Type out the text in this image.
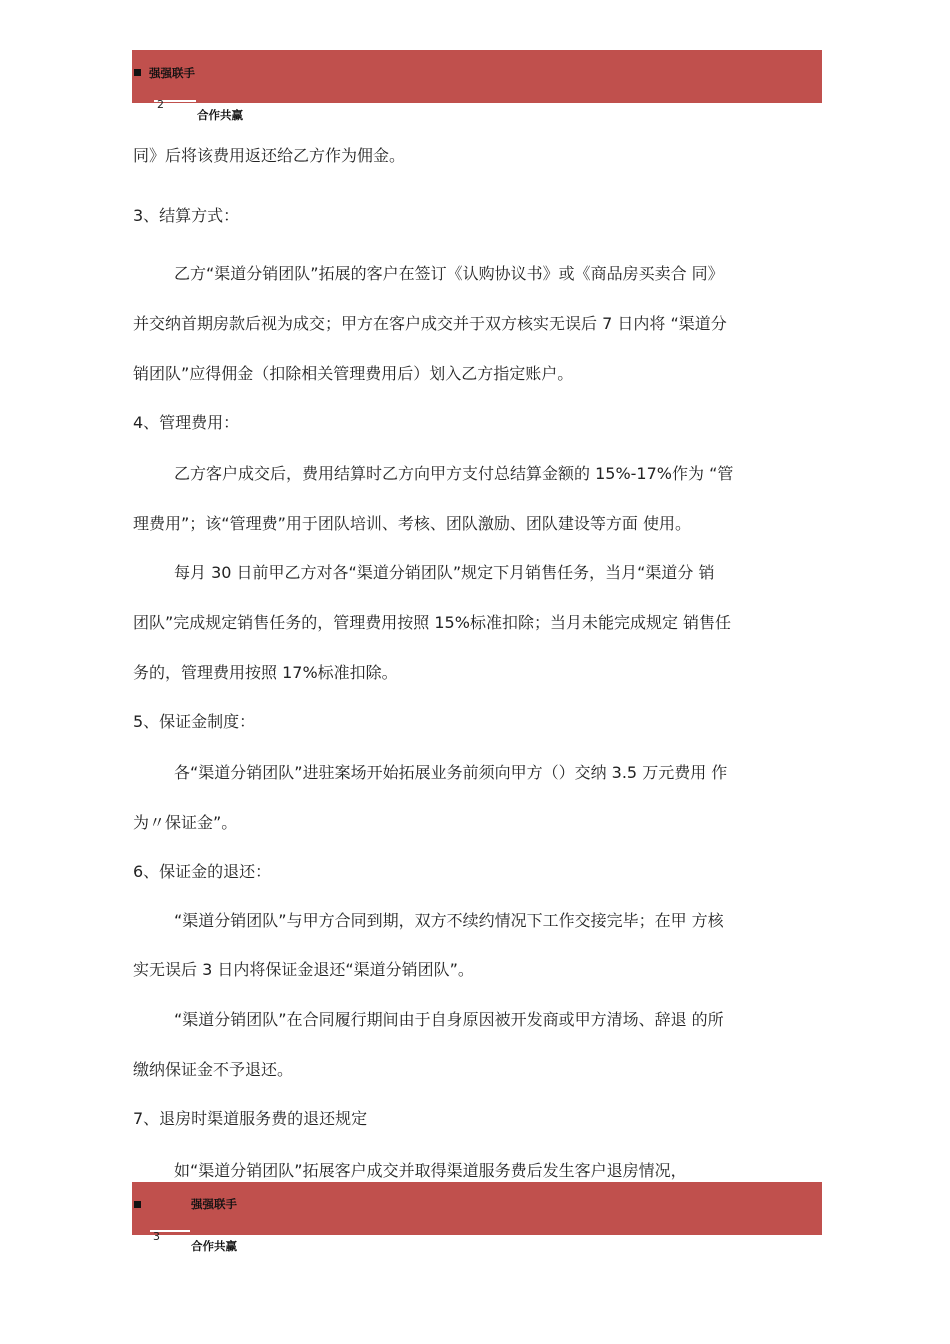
强强联手
2
合作共赢
同》后将该费用返还给乙方作为佣金。
3、结算方式：
乙方“渠道分销团队”拓展的客户在签订《认购协议书》或《商品房买卖合 同》
并交纳首期房款后视为成交；甲方在客户成交并于双方核实无误后 7 日内将 “渠道分
销团队”应得佣金（扣除相关管理费用后）划入乙方指定账户。
4、管理费用：
乙方客户成交后，费用结算时乙方向甲方支付总结算金额的 15%-17%作为 “管
理费用”；该“管理费”用于团队培训、考核、团队激励、团队建设等方面 使用。
每月 30 日前甲乙方对各“渠道分销团队”规定下月销售任务，当月“渠道分 销
团队”完成规定销售任务的，管理费用按照 15%标准扣除；当月未能完成规定 销售任
务的，管理费用按照 17%标准扣除。
5、保证金制度：
各“渠道分销团队”进驻案场开始拓展业务前须向甲方（）交纳 3.5 万元费用 作
为〃保证金”。
6、保证金的退还：
“渠道分销团队”与甲方合同到期，双方不续约情况下工作交接完毕；在甲 方核
实无误后 3 日内将保证金退还“渠道分销团队”。
“渠道分销团队”在合同履行期间由于自身原因被开发商或甲方清场、辞退 的所
缴纳保证金不予退还。
7、退房时渠道服务费的退还规定
如“渠道分销团队”拓展客户成交并取得渠道服务费后发生客户退房情况，
强强联手
3
合作共赢
